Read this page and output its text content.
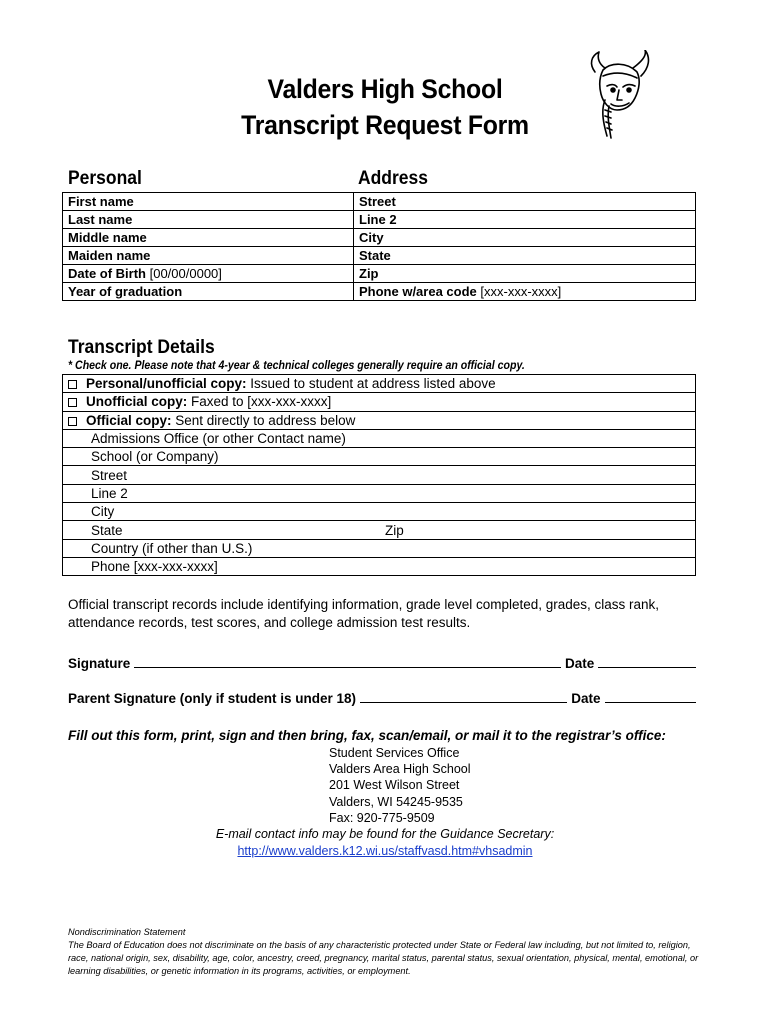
Valders High School
Transcript Request Form
Personal	Address
First name	Street
Last name	Line 2
Middle name	City
Maiden name	State
Date of Birth [00/00/0000]	Zip
Year of graduation	Phone w/area code [xxx-xxx-xxxx]
Transcript Details
* Check one. Please note that 4-year & technical colleges generally require an official copy.
Personal/unofficial copy: Issued to student at address listed above
Unofficial copy: Faxed to [xxx-xxx-xxxx]
Official copy: Sent directly to address below
Admissions Office (or other Contact name)
School (or Company)
Street
Line 2
City
State	Zip

Country (if other than U.S.)
Phone [xxx-xxx-xxxx]
Official transcript records include identifying information, grade level completed, grades, class rank, attendance records, test scores, and college admission test results.
Signature	Date
Parent Signature (only if student is under 18)	Date
Fill out this form, print, sign and then bring, fax, scan/email, or mail it to the registrar’s office:
Student Services Office
Valders Area High School
201 West Wilson Street
Valders, WI 54245-9535
Fax: 920-775-9509
E-mail contact info may be found for the Guidance Secretary:
http://www.valders.k12.wi.us/staffvasd.htm#vhsadmin
Nondiscrimination Statement
The Board of Education does not discriminate on the basis of any characteristic protected under State or Federal law including, but not limited to, religion, race, national origin, sex, disability, age, color, ancestry, creed, pregnancy, marital status, parental status, sexual orientation, physical, mental, emotional, or learning disabilities, or genetic information in its programs, activities, or employment.
